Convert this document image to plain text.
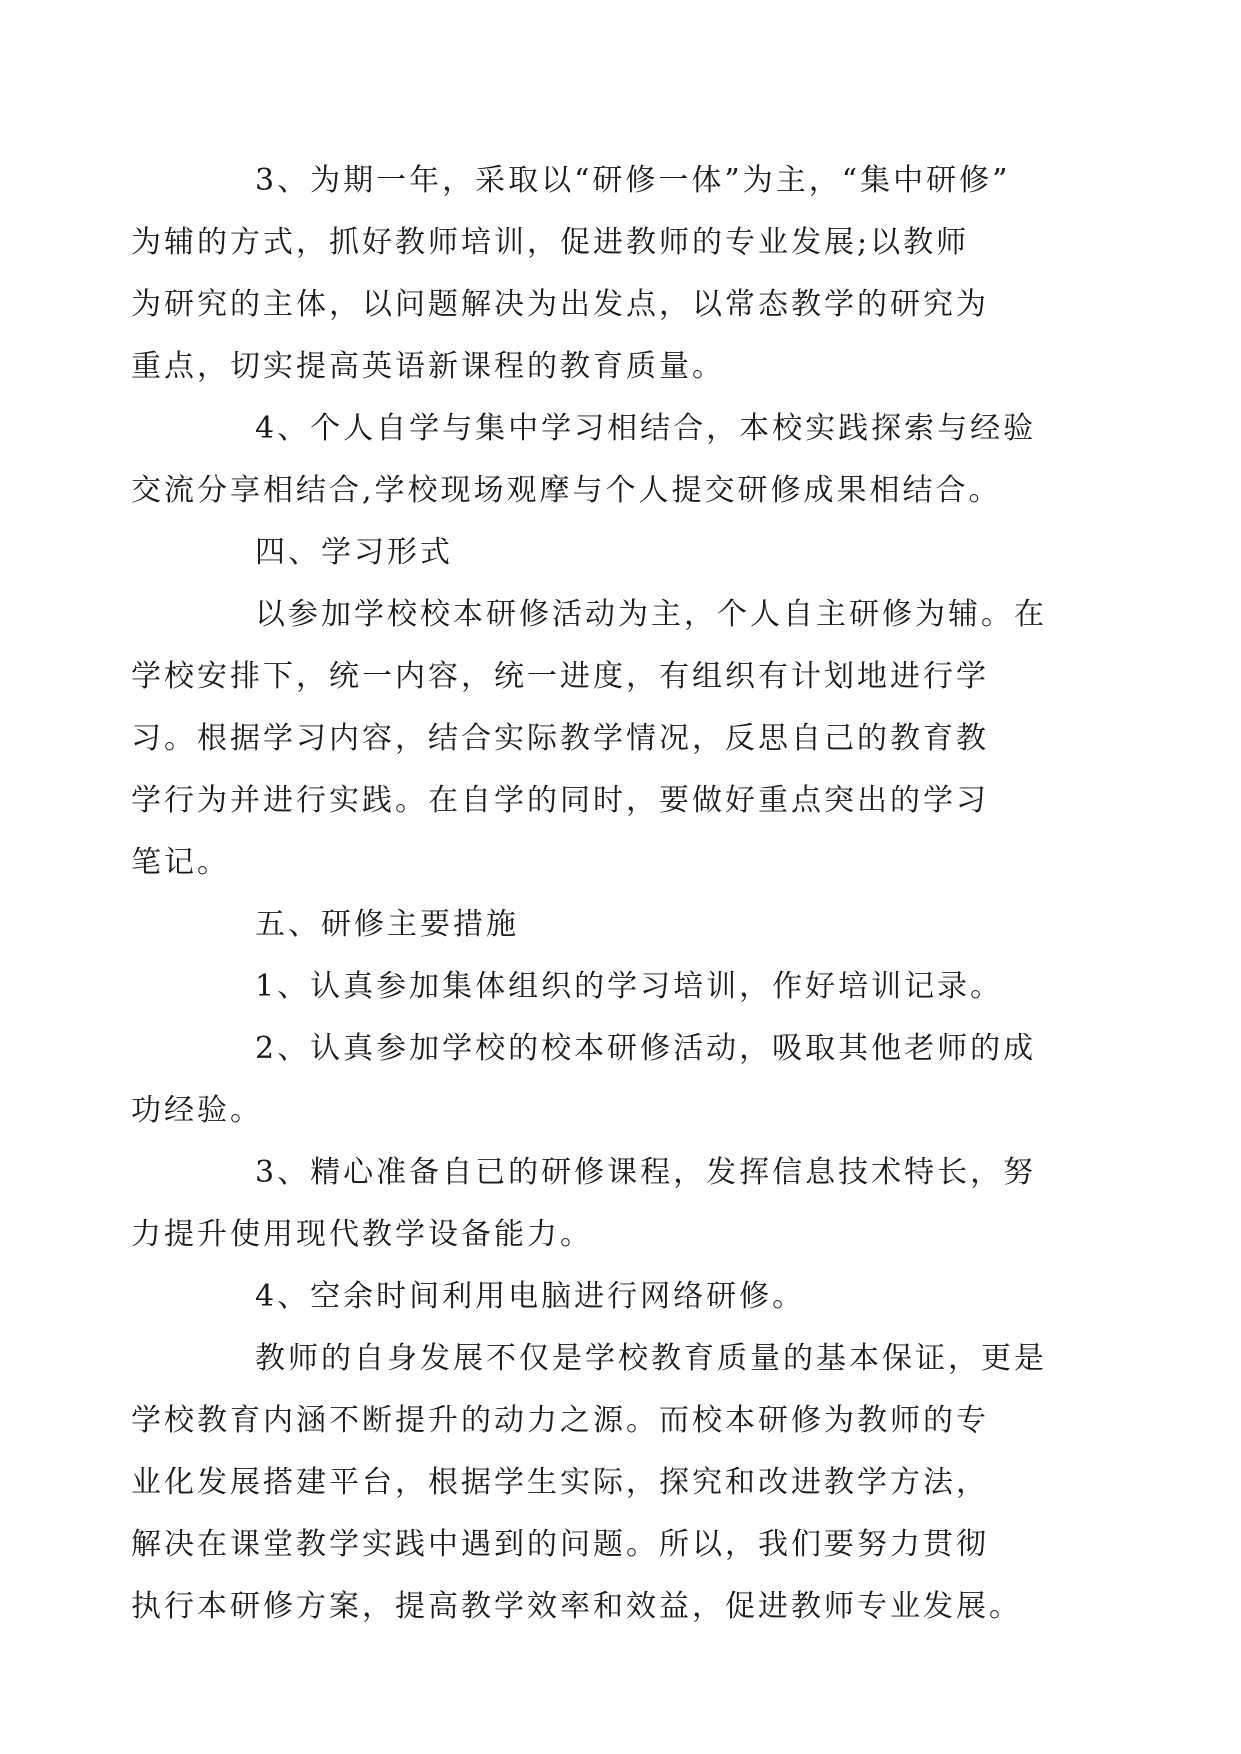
3、为期一年，采取以“研修一体”为主，“集中研修”
为辅的方式，抓好教师培训，促进教师的专业发展;以教师
为研究的主体，以问题解决为出发点，以常态教学的研究为
重点，切实提高英语新课程的教育质量。

4、个人自学与集中学习相结合，本校实践探索与经验
交流分享相结合,学校现场观摩与个人提交研修成果相结合。

四、学习形式

以参加学校校本研修活动为主，个人自主研修为辅。在
学校安排下，统一内容，统一进度，有组织有计划地进行学
习。根据学习内容，结合实际教学情况，反思自己的教育教
学行为并进行实践。在自学的同时，要做好重点突出的学习
笔记。

五、研修主要措施

1、认真参加集体组织的学习培训，作好培训记录。

2、认真参加学校的校本研修活动，吸取其他老师的成
功经验。

3、精心准备自已的研修课程，发挥信息技术特长，努
力提升使用现代教学设备能力。

4、空余时间利用电脑进行网络研修。

教师的自身发展不仅是学校教育质量的基本保证，更是
学校教育内涵不断提升的动力之源。而校本研修为教师的专
业化发展搭建平台，根据学生实际，探究和改进教学方法，
解决在课堂教学实践中遇到的问题。所以，我们要努力贯彻
执行本研修方案，提高教学效率和效益，促进教师专业发展。
